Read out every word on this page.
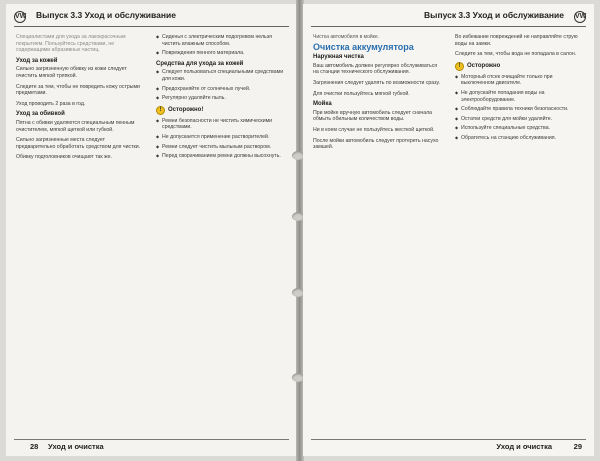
VW Выпуск 3.3 Уход и обслуживание

Специалистами для ухода за лакокрасочным покрытием. Пользуйтесь средствами, не содержащими абразивных частиц.

Уход за кожей

Сильно загрязненную обивку из кожи следует очистить мягкой тряпкой.

Следите за тем, чтобы не повредить кожу острыми предметами.

Уход проводить 2 раза в год.

Уход за обивкой

Пятна с обивки удаляются специальным пенным очистителем, мягкой щеткой или губкой.

Сильно загрязненные места следует предварительно обработать средством для чистки.

Обивку подголовников очищают так же.

◆ Сиденья с электрическим подогревом нельзя чистить влажным способом.
◆ Повреждения пенного материала.
Средства для ухода за кожей
◆ Следует пользоваться специальными средствами для кожи.
◆ Предохраняйте от солнечных лучей.
◆ Регулярно удаляйте пыль.
!	Осторожно!
◆ Ремни безопасности не чистить химическими средствами.
◆ Не допускается применение растворителей.
◆ Ремни следует чистить мыльным раствором.
◆ Перед сворачиванием ремни должны высохнуть.
28 Уход и очистка
Выпуск 3.3 Уход и обслуживание VW
Чистка автомобиля в мойке.
Очистка аккумулятора
Наружная чистка

Ваш автомобиль должен регулярно обслуживаться на станции технического обслуживания.

Загрязнения следует удалять по возможности сразу.

Для очистки пользуйтесь мягкой губкой.

Мойка

При мойке вручную автомобиль следует сначала обмыть обильным количеством воды.

Ни в коем случае не пользуйтесь жесткой щеткой.

После мойки автомобиль следует протереть насухо замшей.

Во избежание повреждений не направляйте струю воды на замки.

Следите за тем, чтобы вода не попадала в салон.

!	Осторожно
◆ Моторный отсек очищайте только при выключенном двигателе.
◆ Не допускайте попадания воды на электрооборудование.
◆ Соблюдайте правила техники безопасности.
◆ Остатки средств для мойки удаляйте.
◆ Используйте специальные средства.
◆ Обратитесь на станцию обслуживания.
Уход и очистка	29
